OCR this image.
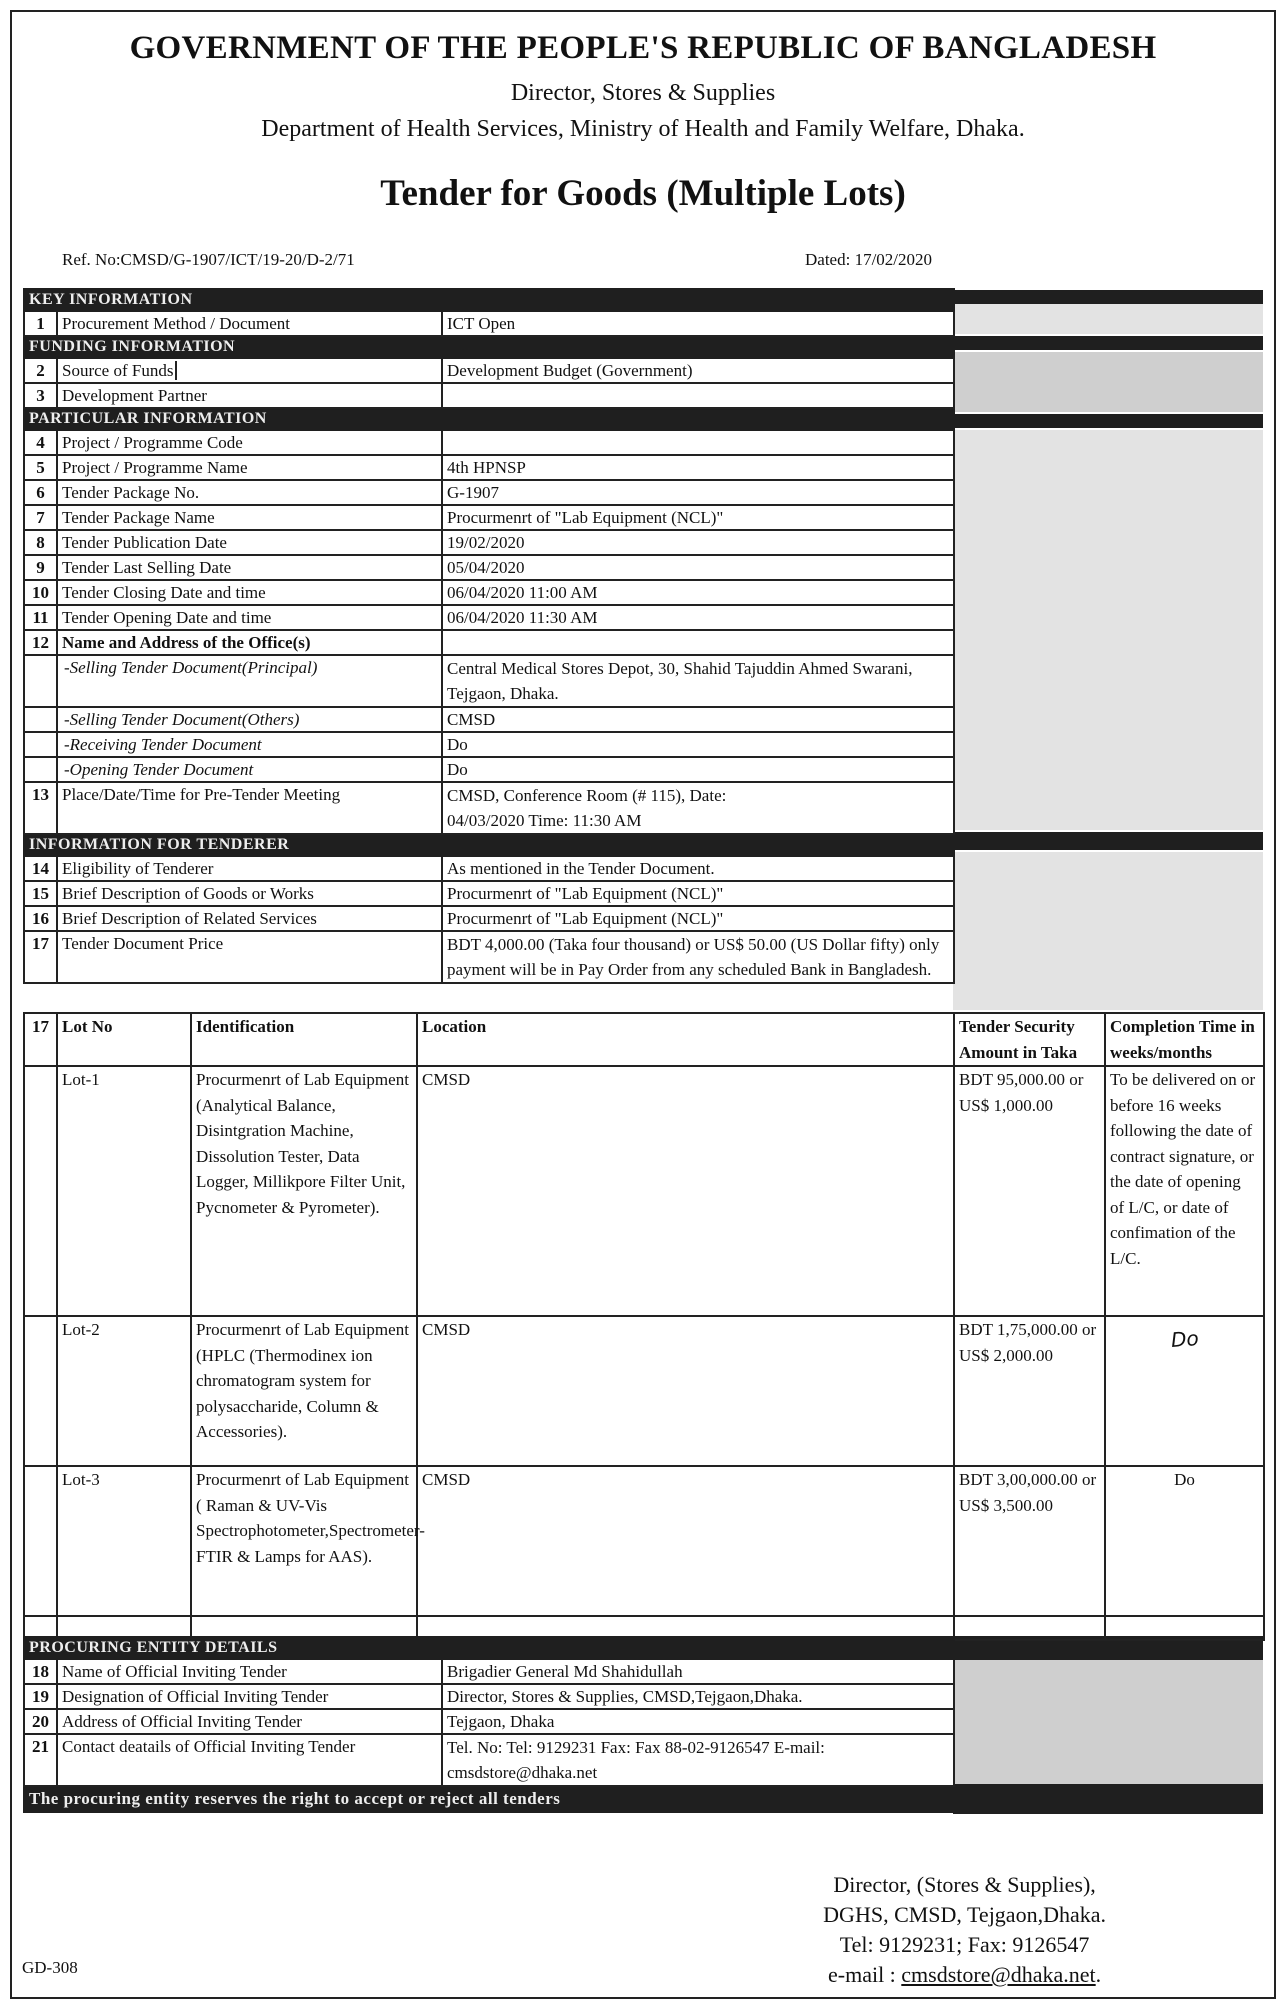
GOVERNMENT OF THE PEOPLE'S REPUBLIC OF BANGLADESH
Director, Stores & Supplies
Department of Health Services, Ministry of Health and Family Welfare, Dhaka.
Tender for Goods (Multiple Lots)
Ref. No:CMSD/G-1907/ICT/19-20/D-2/71	Dated: 17/02/2020
KEY INFORMATION		
1	Procurement Method / Document	ICT Open
FUNDING INFORMATION		
2	Source of Funds	Development Budget (Government)
3	Development Partner	
PARTICULAR INFORMATION		
4	Project / Programme Code	
5	Project / Programme Name	4th HPNSP
6	Tender Package No.	G-1907
7	Tender Package Name	Procurmenrt of "Lab Equipment (NCL)"
8	Tender Publication Date	19/02/2020
9	Tender Last Selling Date	05/04/2020
10	Tender Closing Date and time	06/04/2020 11:00 AM
11	Tender Opening Date and time	06/04/2020 11:30 AM
12	Name and Address of the Office(s)	
	-Selling Tender Document(Principal)	Central Medical Stores Depot, 30, Shahid Tajuddin Ahmed Swarani, Tejgaon, Dhaka.
	-Selling Tender Document(Others)	CMSD
	-Receiving Tender Document	Do
	-Opening Tender Document	Do
13	Place/Date/Time for Pre-Tender Meeting	CMSD, Conference Room (# 115), Date: 04/03/2020 Time: 11:30 AM
INFORMATION FOR TENDERER		
14	Eligibility of Tenderer	As mentioned in the Tender Document.
15	Brief Description of Goods or Works	Procurmenrt of "Lab Equipment (NCL)"
16	Brief Description of Related Services	Procurmenrt of "Lab Equipment (NCL)"
17	Tender Document Price	BDT 4,000.00 (Taka four thousand) or US$ 50.00 (US Dollar fifty) only payment will be in Pay Order from any scheduled Bank in Bangladesh.
17	Lot No	Identification	Location	Tender Security Amount in Taka	Completion Time in weeks/months
	Lot-1	Procurmenrt of Lab Equipment (Analytical Balance, Disintgration Machine, Dissolution Tester, Data Logger, Millikpore Filter Unit, Pycnometer & Pyrometer).	CMSD	BDT 95,000.00 or US$ 1,000.00	To be delivered on or before 16 weeks following the date of contract signature, or the date of opening of L/C, or date of confimation of the L/C.
	Lot-2	Procurmenrt of Lab Equipment (HPLC (Thermodinex ion chromatogram system for polysaccharide, Column & Accessories).	CMSD	BDT 1,75,000.00 or US$ 2,000.00	Do
	Lot-3	Procurmenrt of Lab Equipment ( Raman & UV-Vis Spectrophotometer,Spectrometer-FTIR & Lamps for AAS).	CMSD	BDT 3,00,000.00 or US$ 3,500.00	Do

PROCURING ENTITY DETAILS		
18	Name of Official Inviting Tender	Brigadier General Md Shahidullah
19	Designation of Official Inviting Tender	Director, Stores & Supplies, CMSD,Tejgaon,Dhaka.
20	Address of Official Inviting Tender	Tejgaon, Dhaka
21	Contact deatails of Official Inviting Tender	Tel. No: Tel: 9129231 Fax: Fax 88-02-9126547 E-mail: cmsdstore@dhaka.net
The procuring entity reserves the right to accept or reject all tenders		
Director, (Stores & Supplies),
DGHS, CMSD, Tejgaon,Dhaka.
Tel: 9129231; Fax: 9126547
e-mail : cmsdstore@dhaka.net.
GD-308
